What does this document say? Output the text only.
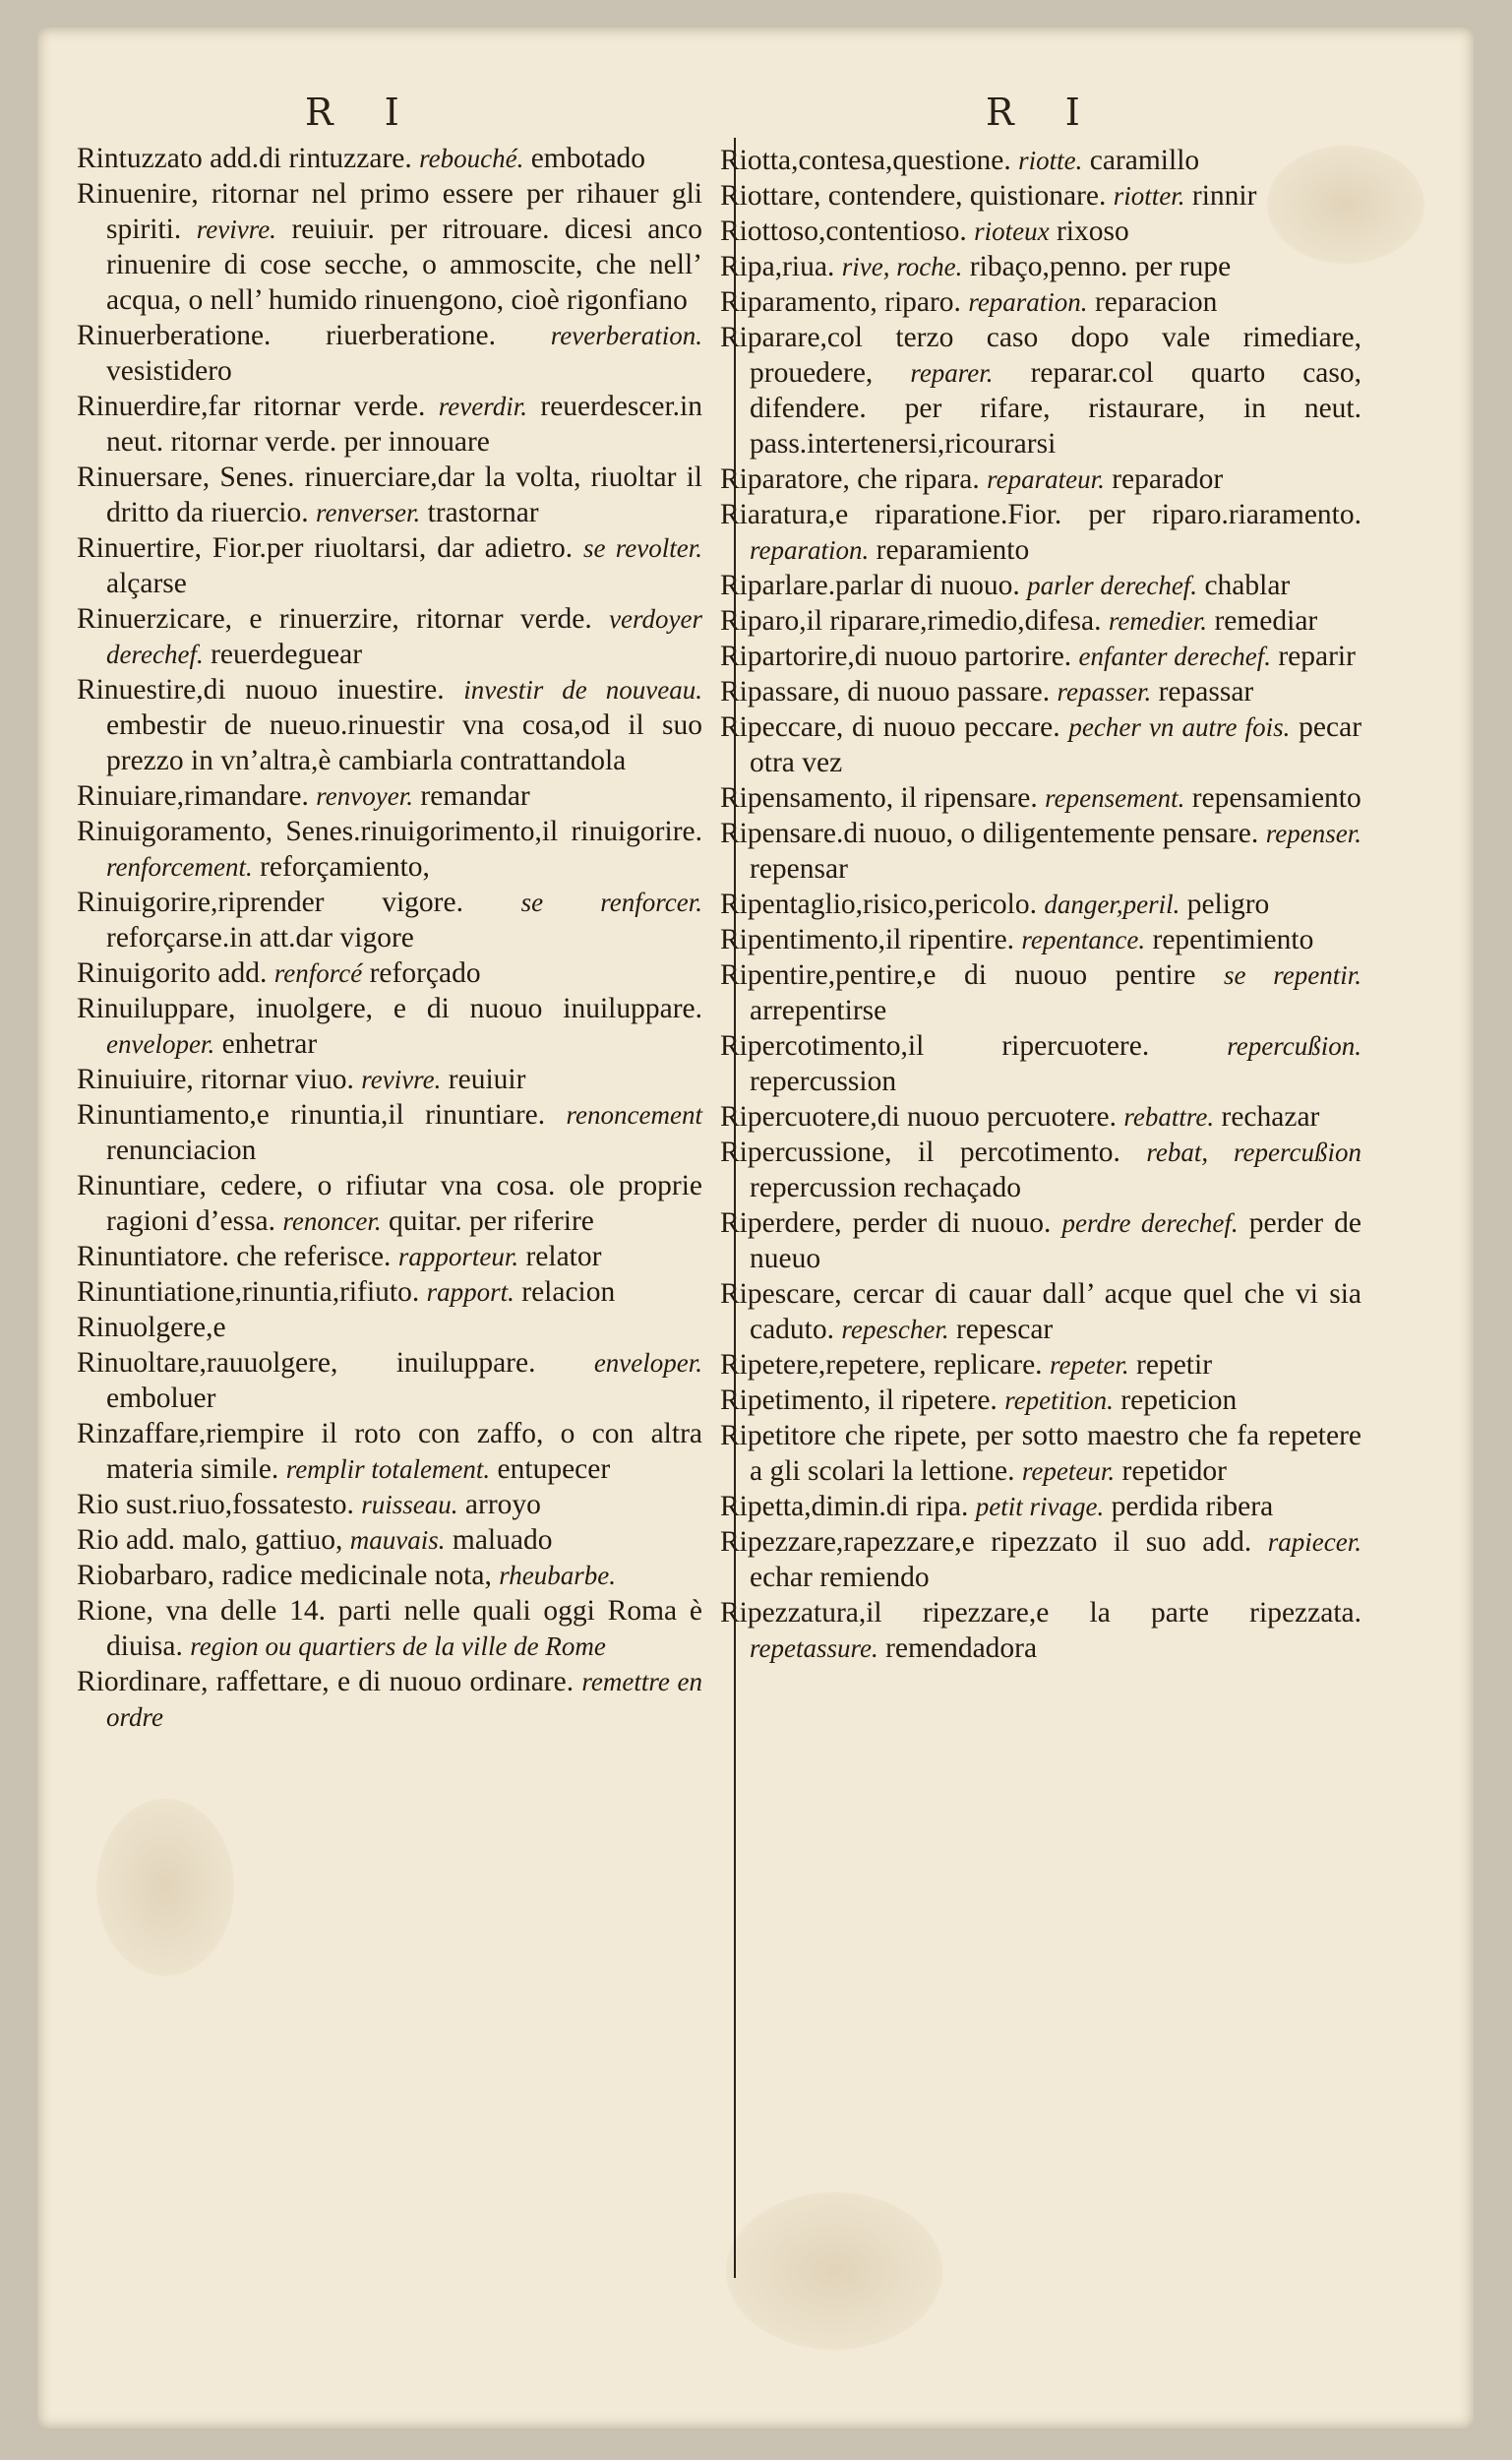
R I	R I

Rintuzzato add.di rintuzzare. rebouché. embotado

Rinuenire, ritornar nel primo essere per rihauer gli spiriti. revivre. reuiuir. per ritrouare. dicesi anco rinuenire di cose secche, o ammoscite, che nell’ acqua, o nell’ humido rinuengono, cioè rigonfiano

Rinuerberatione. riuerberatione. reverberation. vesistidero

Rinuerdire,far ritornar verde. reverdir. reuerdescer.in neut. ritornar verde. per innouare

Rinuersare, Senes. rinuerciare,dar la volta, riuoltar il dritto da riuercio. renverser. trastornar

Rinuertire, Fior.per riuoltarsi, dar adietro. se revolter. alçarse

Rinuerzicare, e rinuerzire, ritornar verde. verdoyer derechef. reuerdeguear

Rinuestire,di nuouo inuestire. investir de nouveau. embestir de nueuo.rinuestir vna cosa,od il suo prezzo in vn’altra,è cambiarla contrattandola

Rinuiare,rimandare. renvoyer. remandar

Rinuigoramento, Senes.rinuigorimento,il rinuigorire. renforcement. reforçamiento,

Rinuigorire,riprender vigore. se renforcer. reforçarse.in att.dar vigore

Rinuigorito add. renforcé reforçado

Rinuiluppare, inuolgere, e di nuouo inuiluppare. enveloper. enhetrar

Rinuiuire, ritornar viuo. revivre. reuiuir

Rinuntiamento,e rinuntia,il rinuntiare. renoncement renunciacion

Rinuntiare, cedere, o rifiutar vna cosa. ole proprie ragioni d’essa. renoncer. quitar. per riferire

Rinuntiatore. che referisce. rapporteur. relator

Rinuntiatione,rinuntia,rifiuto. rapport. relacion

Rinuolgere,e

Rinuoltare,rauuolgere, inuiluppare. enveloper. emboluer

Rinzaffare,riempire il roto con zaffo, o con altra materia simile. remplir totalement. entupecer

Rio sust.riuo,fossatesto. ruisseau. arroyo

Rio add. malo, gattiuo, mauvais. maluado

Riobarbaro, radice medicinale nota, rheubarbe.

Rione, vna delle 14. parti nelle quali oggi Roma è diuisa. region ou quartiers de la ville de Rome

Riordinare, raffettare, e di nuouo ordinare. remettre en ordre

Riotta,contesa,questione. riotte. caramillo

Riottare, contendere, quistionare. riotter. rinnir

Riottoso,contentioso. rioteux rixoso

Ripa,riua. rive, roche. ribaço,penno. per rupe

Riparamento, riparo. reparation. reparacion

Riparare,col terzo caso dopo vale rimediare, prouedere, reparer. reparar.col quarto caso, difendere. per rifare, ristaurare, in neut. pass.intertenersi,ricourarsi

Riparatore, che ripara. reparateur. reparador

Riaratura,e riparatione.Fior. per riparo.riaramento. reparation. reparamiento

Riparlare.parlar di nuouo. parler derechef. chablar

Riparo,il riparare,rimedio,difesa. remedier. remediar

Ripartorire,di nuouo partorire. enfanter derechef. reparir

Ripassare, di nuouo passare. repasser. repassar

Ripeccare, di nuouo peccare. pecher vn autre fois. pecar otra vez

Ripensamento, il ripensare. repensement. repensamiento

Ripensare.di nuouo, o diligentemente pensare. repenser. repensar

Ripentaglio,risico,pericolo. danger,peril. peligro

Ripentimento,il ripentire. repentance. repentimiento

Ripentire,pentire,e di nuouo pentire se repentir. arrepentirse

Ripercotimento,il ripercuotere.	repercußion. repercussion

Ripercuotere,di nuouo percuotere. rebattre. rechazar

Ripercussione, il percotimento. rebat, repercußion repercussion rechaçado

Riperdere, perder di nuouo. perdre derechef. perder de nueuo

Ripescare, cercar di cauar dall’ acque quel che vi sia caduto. repescher. repescar

Ripetere,repetere, replicare. repeter. repetir

Ripetimento, il ripetere. repetition. repeticion

Ripetitore che ripete, per sotto maestro che fa repetere a gli scolari la lettione. repeteur. repetidor

Ripetta,dimin.di ripa. petit rivage. perdida ribera

Ripezzare,rapezzare,e ripezzato il suo add. rapiecer. echar remiendo

Ripezzatura,il ripezzare,e la parte ripezzata. repetassure. remendadora
